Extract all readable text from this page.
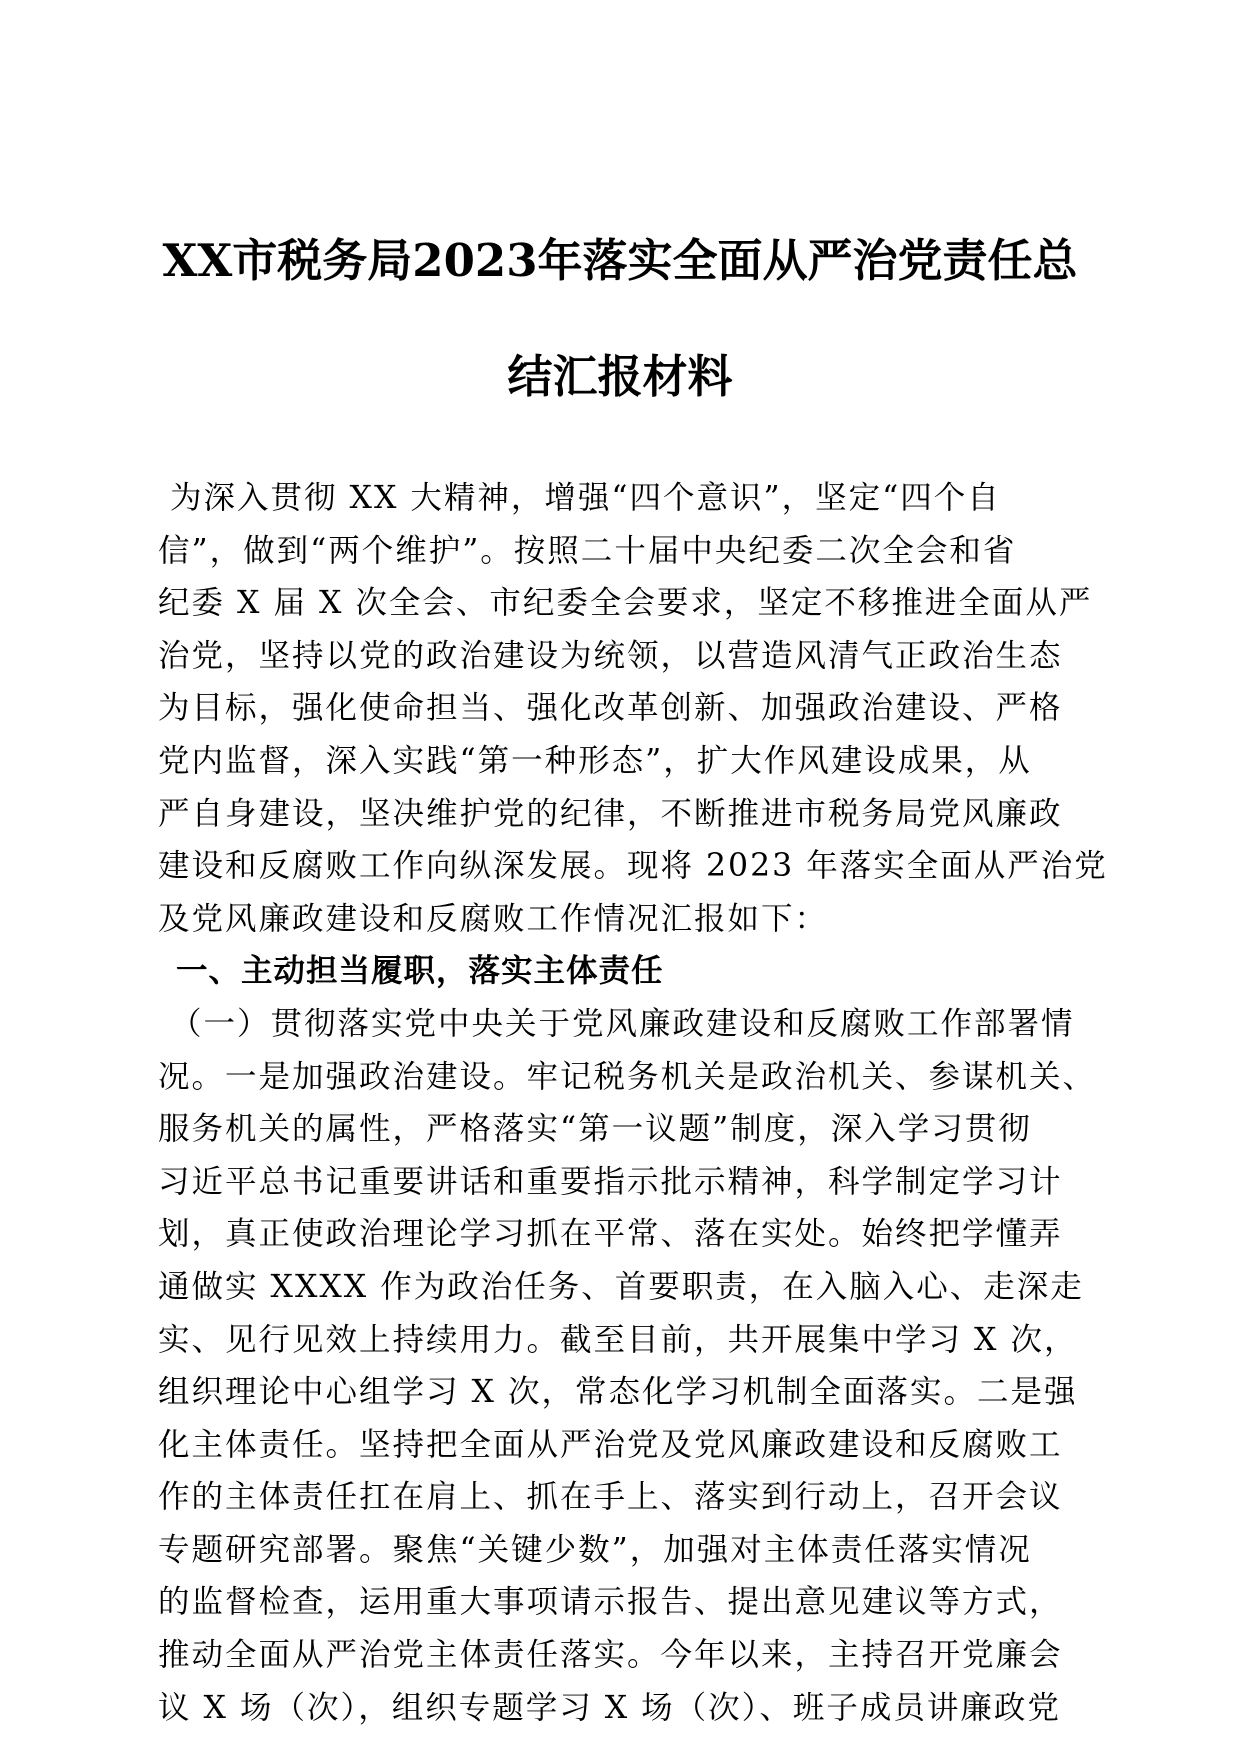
XX市税务局2023年落实全面从严治党责任总
结汇报材料
为深入贯彻 XX 大精神，增强“四个意识”，坚定“四个自
信”，做到“两个维护”。按照二十届中央纪委二次全会和省
纪委 X 届 X 次全会、市纪委全会要求，坚定不移推进全面从严
治党，坚持以党的政治建设为统领，以营造风清气正政治生态
为目标，强化使命担当、强化改革创新、加强政治建设、严格
党内监督，深入实践“第一种形态”，扩大作风建设成果，从
严自身建设，坚决维护党的纪律，不断推进市税务局党风廉政
建设和反腐败工作向纵深发展。现将 2023 年落实全面从严治党
及党风廉政建设和反腐败工作情况汇报如下：
一、主动担当履职，落实主体责任
（一）贯彻落实党中央关于党风廉政建设和反腐败工作部署情
况。一是加强政治建设。牢记税务机关是政治机关、参谋机关、
服务机关的属性，严格落实“第一议题”制度，深入学习贯彻
习近平总书记重要讲话和重要指示批示精神，科学制定学习计
划，真正使政治理论学习抓在平常、落在实处。始终把学懂弄
通做实 XXXX 作为政治任务、首要职责，在入脑入心、走深走
实、见行见效上持续用力。截至目前，共开展集中学习 X 次，
组织理论中心组学习 X 次，常态化学习机制全面落实。二是强
化主体责任。坚持把全面从严治党及党风廉政建设和反腐败工
作的主体责任扛在肩上、抓在手上、落实到行动上，召开会议
专题研究部署。聚焦“关键少数”，加强对主体责任落实情况
的监督检查，运用重大事项请示报告、提出意见建议等方式，
推动全面从严治党主体责任落实。今年以来，主持召开党廉会
议 X 场（次），组织专题学习 X 场（次）、班子成员讲廉政党
